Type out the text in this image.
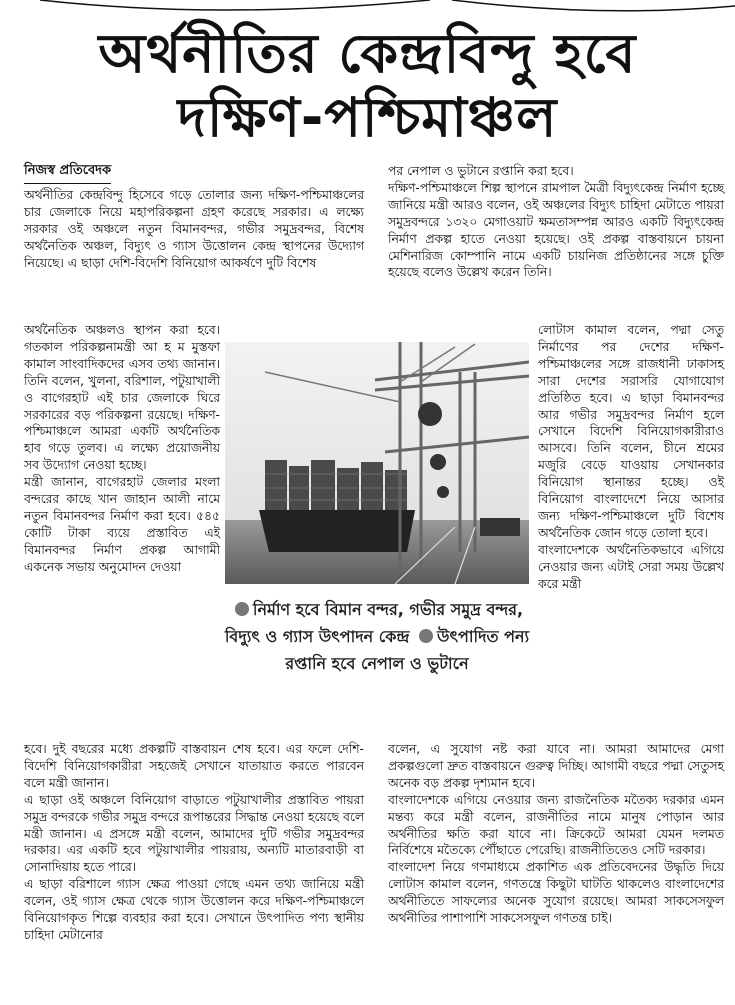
অর্থনীতির কেন্দ্রবিন্দু হবে
দক্ষিণ-পশ্চিমাঞ্চল
নিজস্ব প্রতিবেদক
অর্থনীতির কেন্দ্রবিন্দু হিসেবে গড়ে তোলার জন্য দক্ষিণ-পশ্চিমাঞ্চলের চার জেলাকে নিয়ে মহাপরিকল্পনা গ্রহণ করেছে সরকার। এ লক্ষ্যে সরকার ওই অঞ্চলে নতুন বিমানবন্দর, গভীর সমুদ্রবন্দর, বিশেষ অর্থনৈতিক অঞ্চল, বিদ্যুৎ ও গ্যাস উত্তোলন কেন্দ্র স্থাপনের উদ্যোগ নিয়েছে। এ ছাড়া দেশি-বিদেশি বিনিয়োগ আকর্ষণে দুটি বিশেষ
অর্থনৈতিক অঞ্চলও স্থাপন করা হবে। গতকাল পরিকল্পনামন্ত্রী আ হ ম মুস্তফা কামাল সাংবাদিকদের এসব তথ্য জানান। তিনি বলেন, খুলনা, বরিশাল, পটুয়াখালী ও বাগেরহাট এই চার জেলাকে ঘিরে সরকারের বড় পরিকল্পনা রয়েছে। দক্ষিণ-পশ্চিমাঞ্চলে আমরা একটি অর্থনৈতিক হাব গড়ে তুলব। এ লক্ষ্যে প্রয়োজনীয় সব উদ্যোগ নেওয়া হচ্ছে।
মন্ত্রী জানান, বাগেরহাট জেলার মংলা বন্দরের কাছে খান জাহান আলী নামে নতুন বিমানবন্দর নির্মাণ করা হবে। ৫৪৫ কোটি টাকা ব্যয়ে প্রস্তাবিত এই বিমানবন্দর নির্মাণ প্রকল্প আগামী একনেক সভায় অনুমোদন দেওয়া
হবে। দুই বছরের মধ্যে প্রকল্পটি বাস্তবায়ন শেষ হবে। এর ফলে দেশি-বিদেশি বিনিয়োগকারীরা সহজেই সেখানে যাতায়াত করতে পারবেন বলে মন্ত্রী জানান।
এ ছাড়া ওই অঞ্চলে বিনিয়োগ বাড়াতে পটুয়াখালীর প্রস্তাবিত পায়রা সমুদ্র বন্দরকে গভীর সমুদ্র বন্দরে রূপান্তরের সিদ্ধান্ত নেওয়া হয়েছে বলে মন্ত্রী জানান। এ প্রসঙ্গে মন্ত্রী বলেন, আমাদের দুটি গভীর সমুদ্রবন্দর দরকার। এর একটি হবে পটুয়াখালীর পায়রায়, অন্যটি মাতারবাড়ী বা সোনাদিয়ায় হতে পারে।
এ ছাড়া বরিশালে গ্যাস ক্ষেত্র পাওয়া গেছে এমন তথ্য জানিয়ে মন্ত্রী বলেন, ওই গ্যাস ক্ষেত্র থেকে গ্যাস উত্তোলন করে দক্ষিণ-পশ্চিমাঞ্চলে বিনিয়োগকৃত শিল্পে ব্যবহার করা হবে। সেখানে উৎপাদিত পণ্য স্থানীয় চাহিদা মেটানোর
পর নেপাল ও ভুটানে রপ্তানি করা হবে।
দক্ষিণ-পশ্চিমাঞ্চলে শিল্প স্থাপনে রামপাল মৈত্রী বিদ্যুৎকেন্দ্র নির্মাণ হচ্ছে জানিয়ে মন্ত্রী আরও বলেন, ওই অঞ্চলের বিদ্যুৎ চাহিদা মেটাতে পায়রা সমুদ্রবন্দরে ১৩২০ মেগাওয়াট ক্ষমতাসম্পন্ন আরও একটি বিদ্যুৎকেন্দ্র নির্মাণ প্রকল্প হাতে নেওয়া হয়েছে। ওই প্রকল্প বাস্তবায়নে চায়না মেশিনারিজ কোম্পানি নামে একটি চায়নিজ প্রতিষ্ঠানের সঙ্গে চুক্তি হয়েছে বলেও উল্লেখ করেন তিনি।
লোটাস কামাল বলেন, পদ্মা সেতু নির্মাণের পর দেশের দক্ষিণ-পশ্চিমাঞ্চলের সঙ্গে রাজধানী ঢাকাসহ সারা দেশের সরাসরি যোগাযোগ প্রতিষ্ঠিত হবে। এ ছাড়া বিমানবন্দর আর গভীর সমুদ্রবন্দর নির্মাণ হলে সেখানে বিদেশি বিনিয়োগকারীরাও আসবে। তিনি বলেন, চীনে শ্রমের মজুরি বেড়ে যাওয়ায় সেখানকার বিনিয়োগ স্থানান্তর হচ্ছে। ওই বিনিয়োগ বাংলাদেশে নিয়ে আসার জন্য দক্ষিণ-পশ্চিমাঞ্চলে দুটি বিশেষ অর্থনৈতিক জোন গড়ে তোলা হবে।
বাংলাদেশকে অর্থনৈতিকভাবে এগিয়ে নেওয়ার জন্য এটাই সেরা সময় উল্লেখ করে মন্ত্রী
বলেন, এ সুযোগ নষ্ট করা যাবে না। আমরা আমাদের মেগা প্রকল্পগুলো দ্রুত বাস্তবায়নে গুরুত্ব দিচ্ছি। আগামী বছরে পদ্মা সেতুসহ অনেক বড় প্রকল্প দৃশ্যমান হবে।
বাংলাদেশকে এগিয়ে নেওয়ার জন্য রাজনৈতিক মতৈক্য দরকার এমন মন্তব্য করে মন্ত্রী বলেন, রাজনীতির নামে মানুষ পোড়ান আর অর্থনীতির ক্ষতি করা যাবে না। ক্রিকেটে আমরা যেমন দলমত নির্বিশেষে মতৈক্যে পৌঁছাতে পেরেছি। রাজনীতিতেও সেটি দরকার।
বাংলাদেশ নিয়ে গণমাধ্যমে প্রকাশিত এক প্রতিবেদনের উদ্ধৃতি দিয়ে লোটাস কামাল বলেন, গণতন্ত্রে কিছুটা ঘাটতি থাকলেও বাংলাদেশের অর্থনীতিতে সাফল্যের অনেক সুযোগ রয়েছে। আমরা সাকসেসফুল অর্থনীতির পাশাপাশি সাকসেসফুল গণতন্ত্র চাই।
নির্মাণ হবে বিমান বন্দর, গভীর সমুদ্র বন্দর, বিদ্যুৎ ও গ্যাস উৎপাদন কেন্দ্র উৎপাদিত পন্য রপ্তানি হবে নেপাল ও ভুটানে
